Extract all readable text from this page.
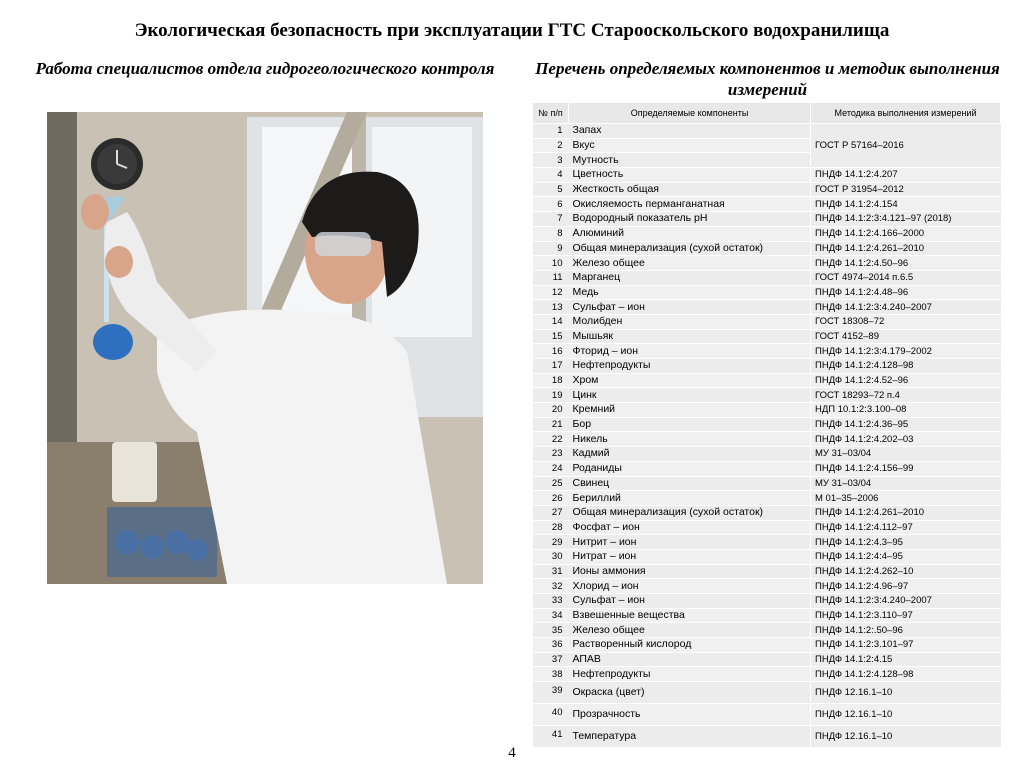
Экологическая безопасность при эксплуатации ГТС Старооскольского водохранилища
Работа специалистов отдела гидрогеологического контроля	Перечень определяемых компонентов и методик выполнения измерений
№ п/п	Определяемые компоненты	Методика выполнения измерений
1	Запах	ГОСТ Р 57164–2016
2	Вкус	
3	Мутность	
4	Цветность	ПНДФ 14.1:2:4.207
5	Жесткость общая	ГОСТ Р 31954–2012
6	Окисляемость перманганатная	ПНДФ 14.1:2:4.154
7	Водородный показатель pH	ПНДФ 14.1:2:3:4.121–97 (2018)
8	Алюминий	ПНДФ 14.1:2:4.166–2000
9	Общая минерализация (сухой остаток)	ПНДФ 14.1:2:4.261–2010
10	Железо общее	ПНДФ 14.1:2:4.50–96
11	Марганец	ГОСТ 4974–2014 п.6.5
12	Медь	ПНДФ 14.1:2:4.48–96
13	Сульфат – ион	ПНДФ 14.1:2:3:4.240–2007
14	Молибден	ГОСТ 18308–72
15	Мышьяк	ГОСТ 4152–89
16	Фторид – ион	ПНДФ 14.1:2:3:4.179–2002
17	Нефтепродукты	ПНДФ 14.1:2:4.128–98
18	Хром	ПНДФ 14.1:2:4.52–96
19	Цинк	ГОСТ 18293–72 п.4
20	Кремний	НДП 10.1:2:3.100–08
21	Бор	ПНДФ 14.1:2:4.36–95
22	Никель	ПНДФ 14.1:2:4.202–03
23	Кадмий	МУ 31–03/04
24	Роданиды	ПНДФ 14.1:2:4.156–99
25	Свинец	МУ 31–03/04
26	Бериллий	М 01–35–2006
27	Общая минерализация (сухой остаток)	ПНДФ 14.1:2:4.261–2010
28	Фосфат – ион	ПНДФ 14.1:2:4.112–97
29	Нитрит – ион	ПНДФ 14.1:2:4.3–95
30	Нитрат – ион	ПНДФ 14.1:2:4:4–95
31	Ионы аммония	ПНДФ 14.1:2:4.262–10
32	Хлорид – ион	ПНДФ 14.1:2:4.96–97
33	Сульфат – ион	ПНДФ 14.1:2:3:4.240–2007
34	Взвешенные вещества	ПНДФ 14.1:2:3.110–97
35	Железо общее	ПНДФ 14.1:2:.50–96
36	Растворенный кислород	ПНДФ 14.1:2:3.101–97
37	АПАВ	ПНДФ 14.1:2:4.15
38	Нефтепродукты	ПНДФ 14.1:2:4.128–98
39	Окраска (цвет)	ПНДФ 12.16.1–10
40	Прозрачность	ПНДФ 12.16.1–10
41	Температура	ПНДФ 12.16.1–10
4
